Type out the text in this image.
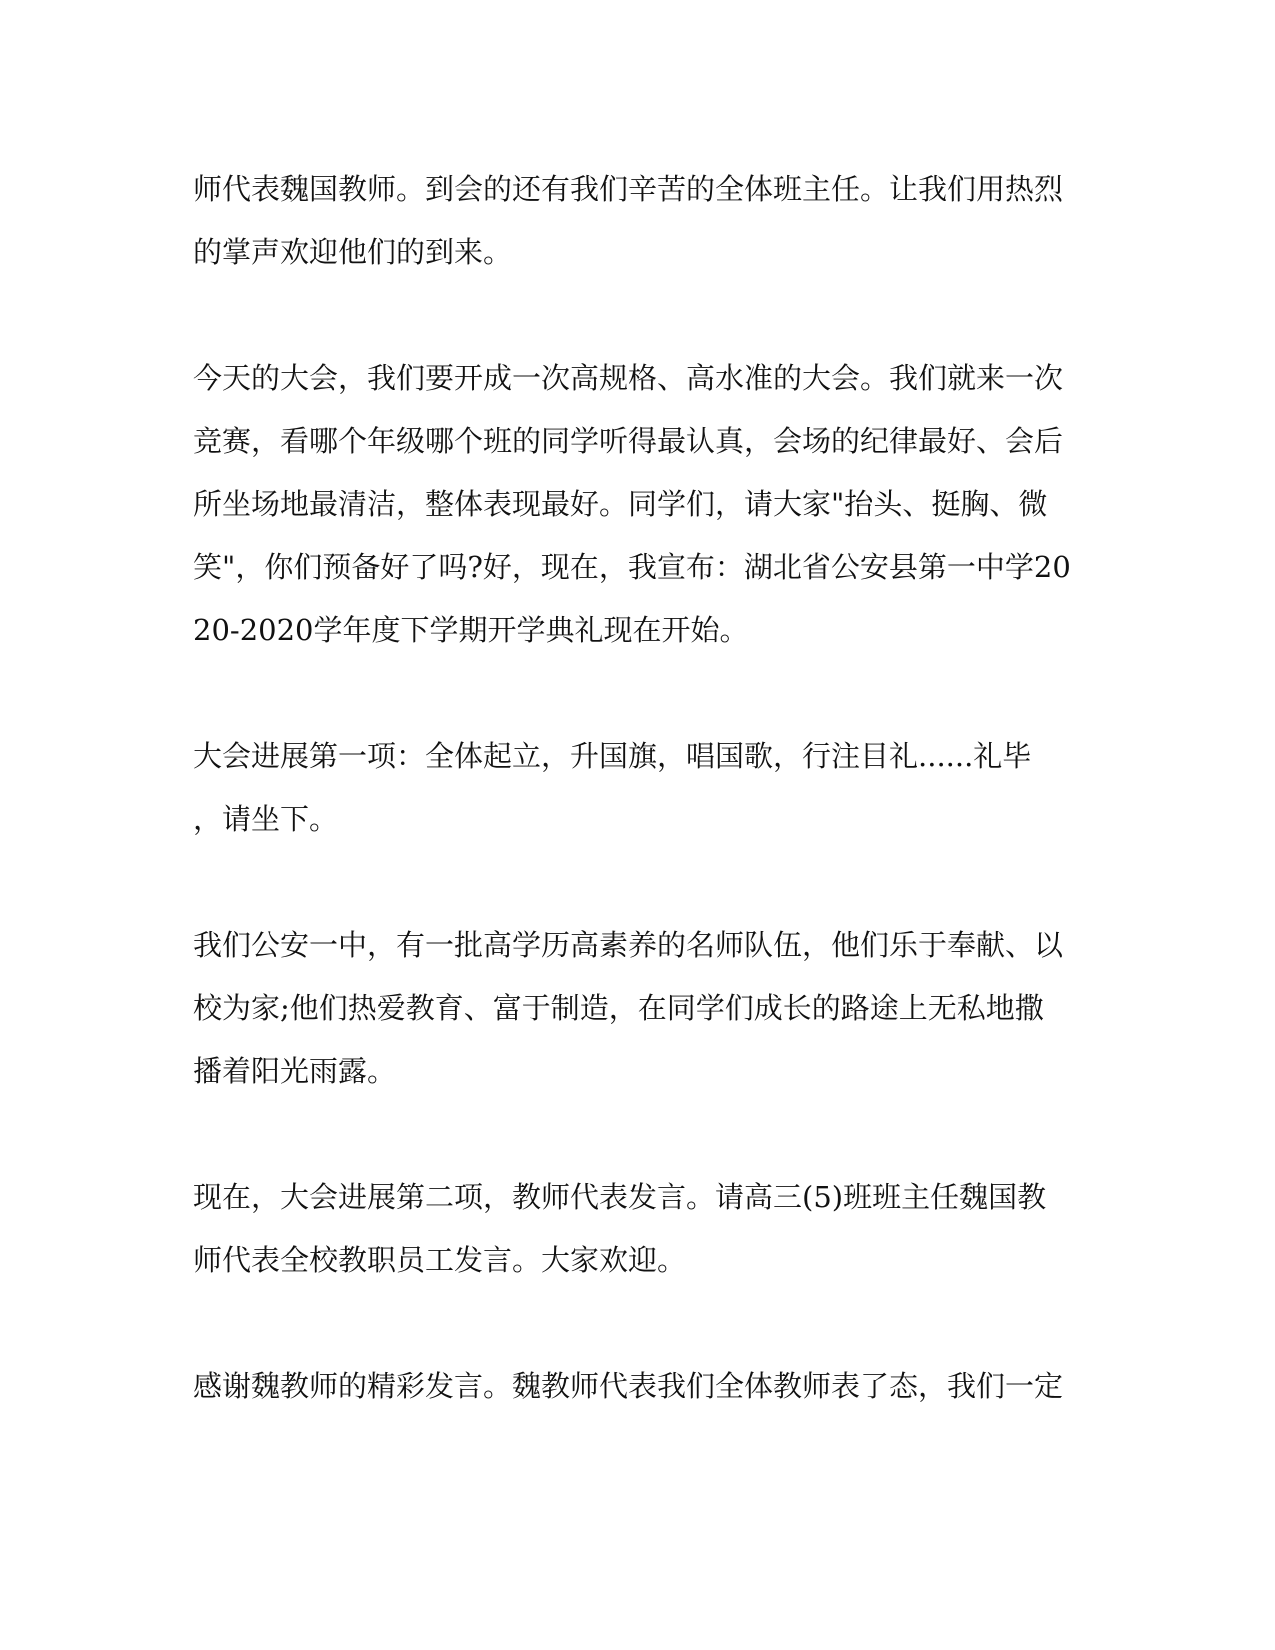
师代表魏国教师。到会的还有我们辛苦的全体班主任。让我们用热烈
的掌声欢迎他们的到来。

今天的大会，我们要开成一次高规格、高水准的大会。我们就来一次
竞赛，看哪个年级哪个班的同学听得最认真，会场的纪律最好、会后
所坐场地最清洁，整体表现最好。同学们，请大家"抬头、挺胸、微
笑"，你们预备好了吗?好，现在，我宣布：湖北省公安县第一中学20
20-2020学年度下学期开学典礼现在开始。

大会进展第一项：全体起立，升国旗，唱国歌，行注目礼......礼毕
，请坐下。

我们公安一中，有一批高学历高素养的名师队伍，他们乐于奉献、以
校为家;他们热爱教育、富于制造，在同学们成长的路途上无私地撒
播着阳光雨露。

现在，大会进展第二项，教师代表发言。请高三(5)班班主任魏国教
师代表全校教职员工发言。大家欢迎。

感谢魏教师的精彩发言。魏教师代表我们全体教师表了态，我们一定
